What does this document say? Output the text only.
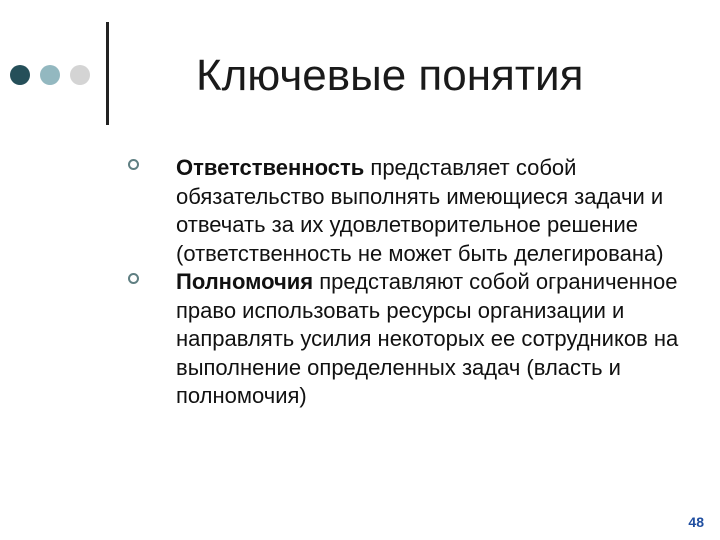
Ключевые понятия
Ответственность представляет собой обязательство выполнять имеющиеся задачи и отвечать за их удовлетворительное решение (ответственность не может быть делегирована)
Полномочия представляют собой ограниченное право использовать ресурсы организации и направлять усилия некоторых ее сотрудников на выполнение определенных задач (власть и полномочия)
48
